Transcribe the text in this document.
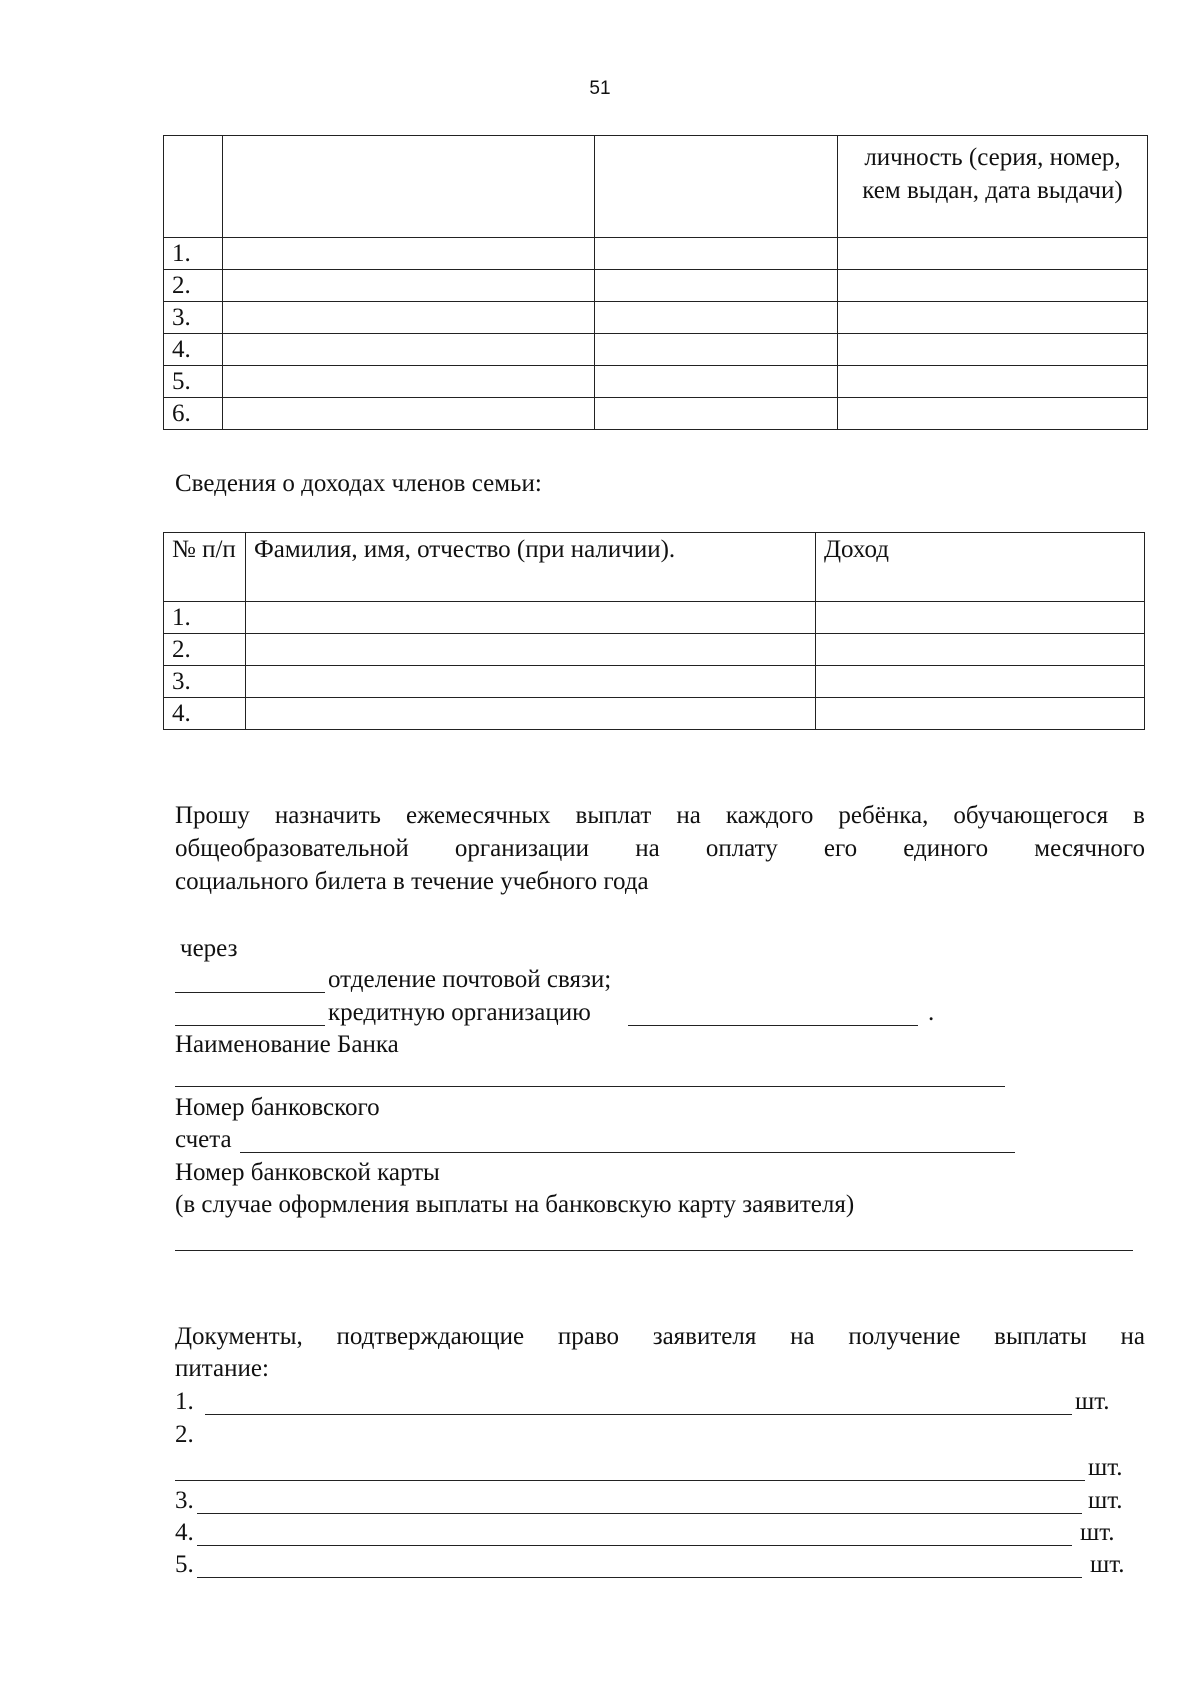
51
			личность (серия, номер, кем выдан, дата выдачи)
1.			
2.			
3.			
4.			
5.			
6.			
Сведения о доходах членов семьи:
№ п/п	Фамилия, имя, отчество (при наличии).	Доход
1.		
2.		
3.		
4.		
Прошу назначить ежемесячных выплат на каждого ребёнка, обучающегося в
общеобразовательной организации на оплату его единого месячного
социального билета в течение учебного года
через
отделение почтовой связи;
кредитную организацию	.
Наименование Банка
Номер банковского
счета
Номер банковской карты
(в случае оформления выплаты на банковскую карту заявителя)
Документы, подтверждающие право заявителя на получение выплаты на
питание:
1.	шт.
2.
шт.
3.	шт.
4.	шт.
5.	шт.
